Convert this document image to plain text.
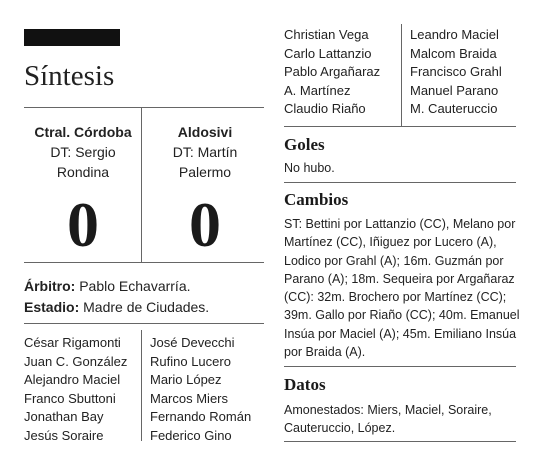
Síntesis
Ctral. Córdoba
DT: Sergio
Rondina
0
Aldosivi
DT: Martín
Palermo
0
Árbitro: Pablo Echavarría.
Estadio: Madre de Ciudades.
César Rigamonti
Juan C. González
Alejandro Maciel
Franco Sbuttoni
Jonathan Bay
Jesús Soraire
José Devecchi
Rufino Lucero
Mario López
Marcos Miers
Fernando Román
Federico Gino
Christian Vega
Carlo Lattanzio
Pablo Argañaraz
A. Martínez
Claudio Riaño
Leandro Maciel
Malcom Braida
Francisco Grahl
Manuel Parano
M. Cauteruccio
Goles
No hubo.
Cambios
ST: Bettini por Lattanzio (CC), Melano por Martínez (CC), Iñiguez por Lucero (A), Lodico por Grahl (A); 16m. Guzmán por Parano (A); 18m. Sequeira por Argañaraz (CC): 32m. Brochero por Martínez (CC); 39m. Gallo por Riaño (CC); 40m. Emanuel Insúa por Maciel (A); 45m. Emiliano Insúa por Braida (A).
Datos
Amonestados: Miers, Maciel, Soraire, Cauteruccio, López.
